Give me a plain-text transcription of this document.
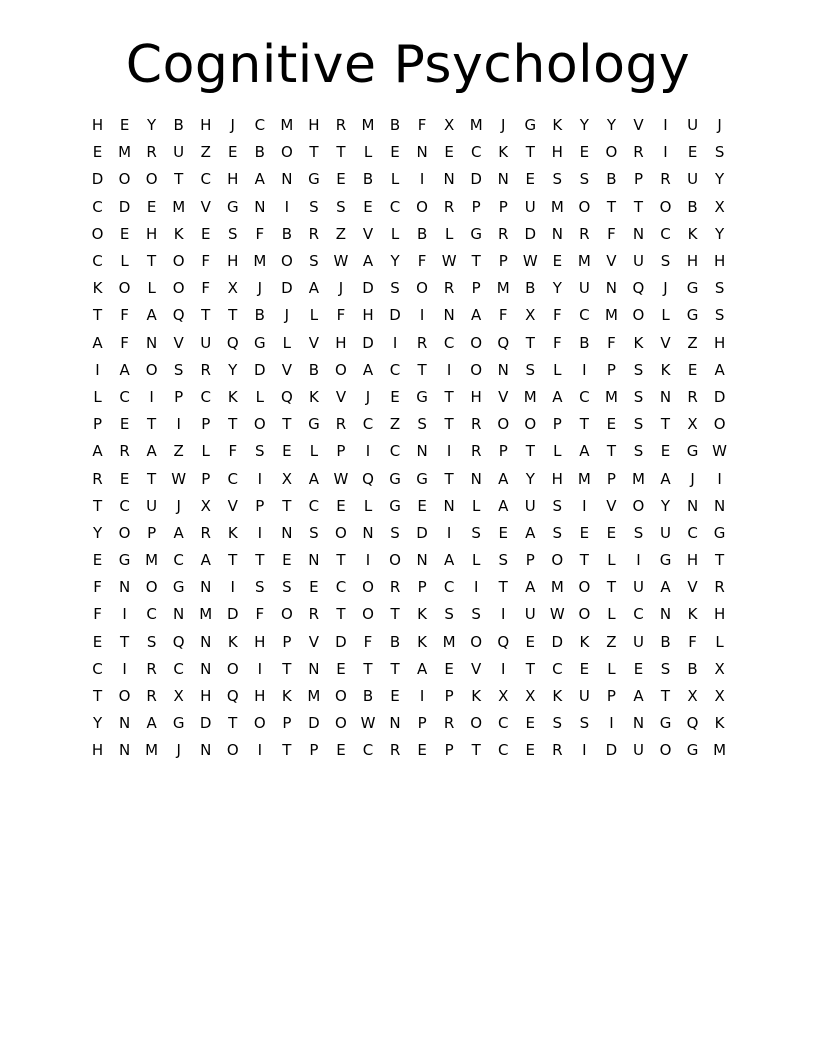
Cognitive Psychology
H	E	Y	B	H	J	C	M H	R	M	B	F	X	M	J	G	K	Y	Y	V	I	U	J
E	M	R	U	Z	E	B	O	T	T	L	E	N	E	C	K	T	H	E	O	R	I	E	S
D	O	O	T	C	H	A	N	G	E	B	L	I	N	D	N	E	S	S	B	P	R	U	Y
C	D	E	M	V	G	N	I	S	S	E	C	O	R	P	P	U	M O	T	T	O	B	X
O	E	H	K	E	S	F	B	R	Z	V	L	B	L	G	R	D	N	R	F	N	C	K	Y
C	L	T	O	F	H M O	S W A	Y	F	W	T	P	W E	M	V	U	S	H	H
K	O	L	O	F	X	J	D	A	J	D	S	O	R	P	M	B	Y	U	N	Q	J	G	S
T	F	A	Q	T	T	B	J	L	F	H	D	I	N	A	F	X	F	C	M O	L	G	S
A	F	N	V	U	Q	G	L	V	H	D	I	R	C	O	Q	T	F	B	F	K	V	Z	H
I	A	O	S	R	Y	D	V	B	O	A	C	T	I	O	N	S	L	I	P	S	K	E	A
L	C	I	P	C	K	L	Q	K	V	J	E	G	T	H	V	M	A	C	M	S	N	R	D
P	E	T	I	P	T	O	T	G	R	C	Z	S	T	R	O	O	P	T	E	S	T	X	O
A	R	A	Z	L	F	S	E	L	P	I	C	N	I	R	P	T	L	A	T	S	E	G W
R	E	T	W	P	C	I	X	A W Q	G	G	T	N	A	Y	H M	P	M	A	J	I
T	C	U	J	X	V	P	T	C	E	L	G	E	N	L	A	U	S	I	V	O	Y	N	N
Y	O	P	A	R	K	I	N	S	O	N	S	D	I	S	E	A	S	E	E	S	U	C	G
E	G M	C	A	T	T	E	N	T	I	O	N	A	L	S	P	O	T	L	I	G	H	T
F	N	O	G	N	I	S	S	E	C	O	R	P	C	I	T	A	M O	T	U	A	V	R
F	I	C	N M D	F	O	R	T	O	T	K	S	S	I	U W O	L	C	N	K	H
E	T	S	Q	N	K	H	P	V	D	F	B	K	M O	Q	E	D	K	Z	U	B	F	L
C	I	R	C	N	O	I	T	N	E	T	T	A	E	V	I	T	C	E	L	E	S	B	X
T	O	R	X	H	Q	H	K	M O	B	E	I	P	K	X	X	K	U	P	A	T	X	X
Y	N	A	G	D	T	O	P	D	O W N	P	R	O	C	E	S	S	I	N	G	Q	K
H	N M	J	N	O	I	T	P	E	C	R	E	P	T	C	E	R	I	D	U	O	G M
